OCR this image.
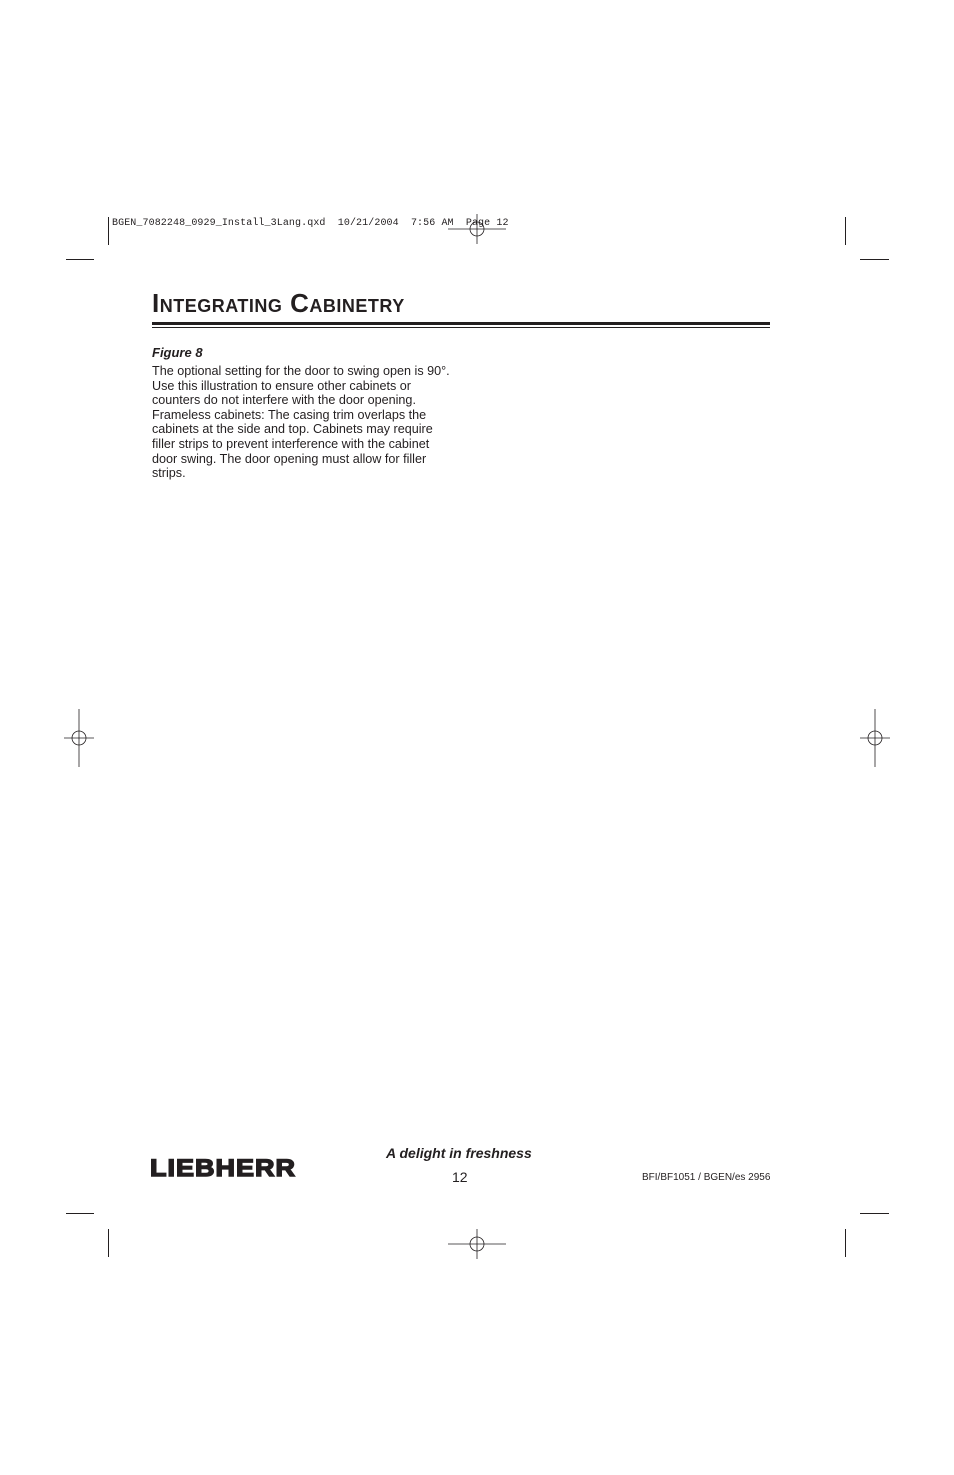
BGEN_7082248_0929_Install_3Lang.qxd  10/21/2004  7:56 AM  Page 12
Integrating Cabinetry
Figure 8

The optional setting for the door to swing open is 90°. Use this illustration to ensure other cabinets or counters do not interfere with the door opening. Frameless cabinets: The casing trim overlaps the cabinets at the side and top. Cabinets may require filler strips to prevent interference with the cabinet door swing. The door opening must allow for filler strips.

LIEBHERR
A delight in freshness
12	BFI/BF1051 / BGEN/es 2956
